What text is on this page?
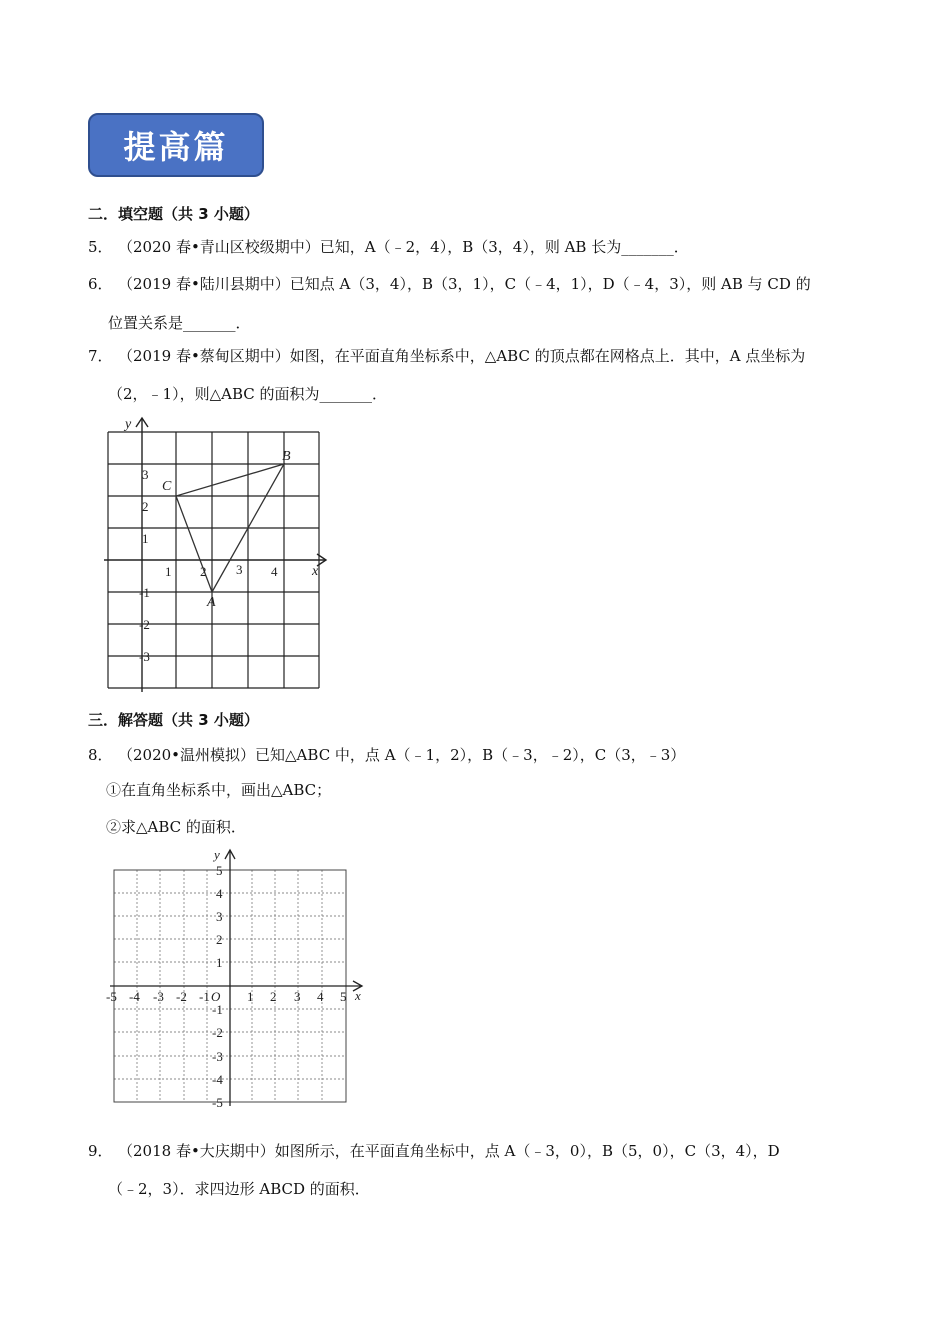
提高篇
二．填空题（共 3 小题）
5． （2020 春•青山区校级期中）已知，A（﹣2，4），B（3，4），则 AB 长为_______．
6． （2019 春•陆川县期中）已知点 A（3，4），B（3，1），C（﹣4，1），D（﹣4，3），则 AB 与 CD 的
位置关系是_______．
7． （2019 春•蔡甸区期中）如图，在平面直角坐标系中，△ABC 的顶点都在网格点上．其中，A 点坐标为
（2，﹣1），则△ABC 的面积为_______．
x
y
A
B
C
1 2 3 4
3
2
1
-1
-2
-3
三．解答题（共 3 小题）
8． （2020•温州模拟）已知△ABC 中，点 A（﹣1，2），B（﹣3，﹣2），C（3，﹣3）
①在直角坐标系中，画出△ABC；
②求△ABC 的面积．
x
y
O
-5 -4 -3 -2 -1	1 2 3 4 5
5
4
3
2
1
-1
-2
-3
-4
-5
9． （2018 春•大庆期中）如图所示，在平面直角坐标中，点 A（﹣3，0），B（5，0），C（3，4），D
（﹣2，3）．求四边形 ABCD 的面积．
